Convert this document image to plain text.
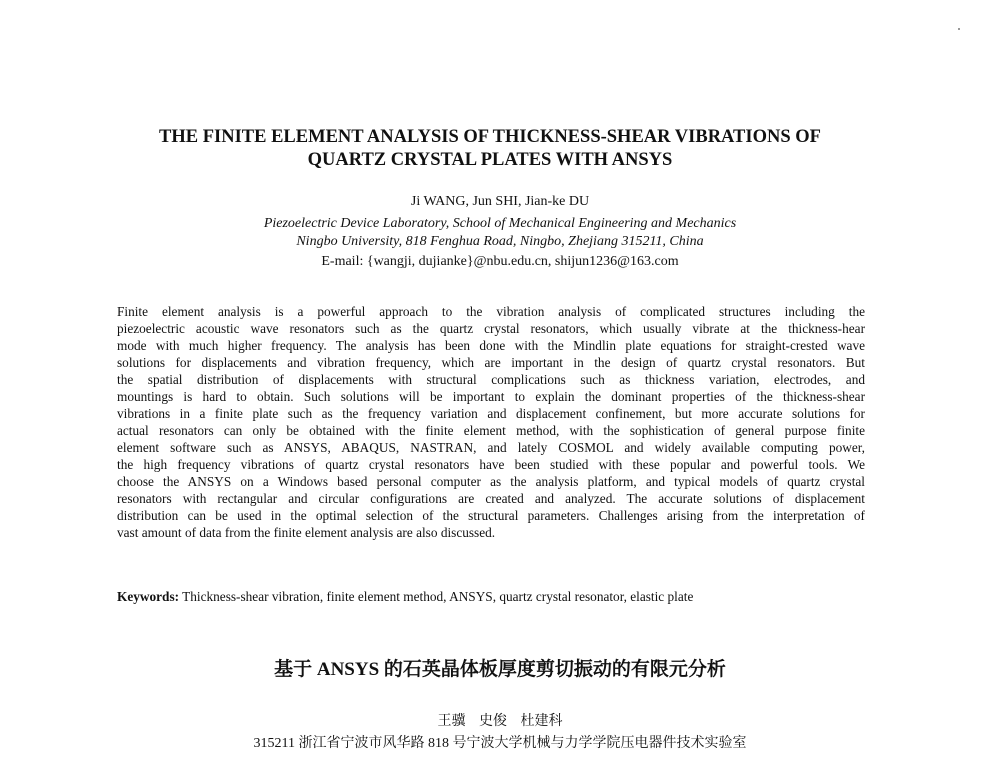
THE FINITE ELEMENT ANALYSIS OF THICKNESS-SHEAR VIBRATIONS OF
QUARTZ CRYSTAL PLATES WITH ANSYS
Ji WANG, Jun SHI, Jian-ke DU
Piezoelectric Device Laboratory, School of Mechanical Engineering and Mechanics
Ningbo University, 818 Fenghua Road, Ningbo, Zhejiang 315211, China
E-mail: {wangji, dujianke}@nbu.edu.cn, shijun1236@163.com
Finite element analysis is a powerful approach to the vibration analysis of complicated structures including the
piezoelectric acoustic wave resonators such as the quartz crystal resonators, which usually vibrate at the thickness-hear
mode with much higher frequency. The analysis has been done with the Mindlin plate equations for straight-crested wave
solutions for displacements and vibration frequency, which are important in the design of quartz crystal resonators. But
the spatial distribution of displacements with structural complications such as thickness variation, electrodes, and
mountings is hard to obtain. Such solutions will be important to explain the dominant properties of the thickness-shear
vibrations in a finite plate such as the frequency variation and displacement confinement, but more accurate solutions for
actual resonators can only be obtained with the finite element method, with the sophistication of general purpose finite
element software such as ANSYS, ABAQUS, NASTRAN, and lately COSMOL and widely available computing power,
the high frequency vibrations of quartz crystal resonators have been studied with these popular and powerful tools. We
choose the ANSYS on a Windows based personal computer as the analysis platform, and typical models of quartz crystal
resonators with rectangular and circular configurations are created and analyzed. The accurate solutions of displacement
distribution can be used in the optimal selection of the structural parameters. Challenges arising from the interpretation of
vast amount of data from the finite element analysis are also discussed.
Keywords: Thickness-shear vibration, finite element method, ANSYS, quartz crystal resonator, elastic plate
基于 ANSYS 的石英晶体板厚度剪切振动的有限元分析
王骥 史俊 杜建科
315211 浙江省宁波市风华路 818 号宁波大学机械与力学学院压电器件技术实验室
